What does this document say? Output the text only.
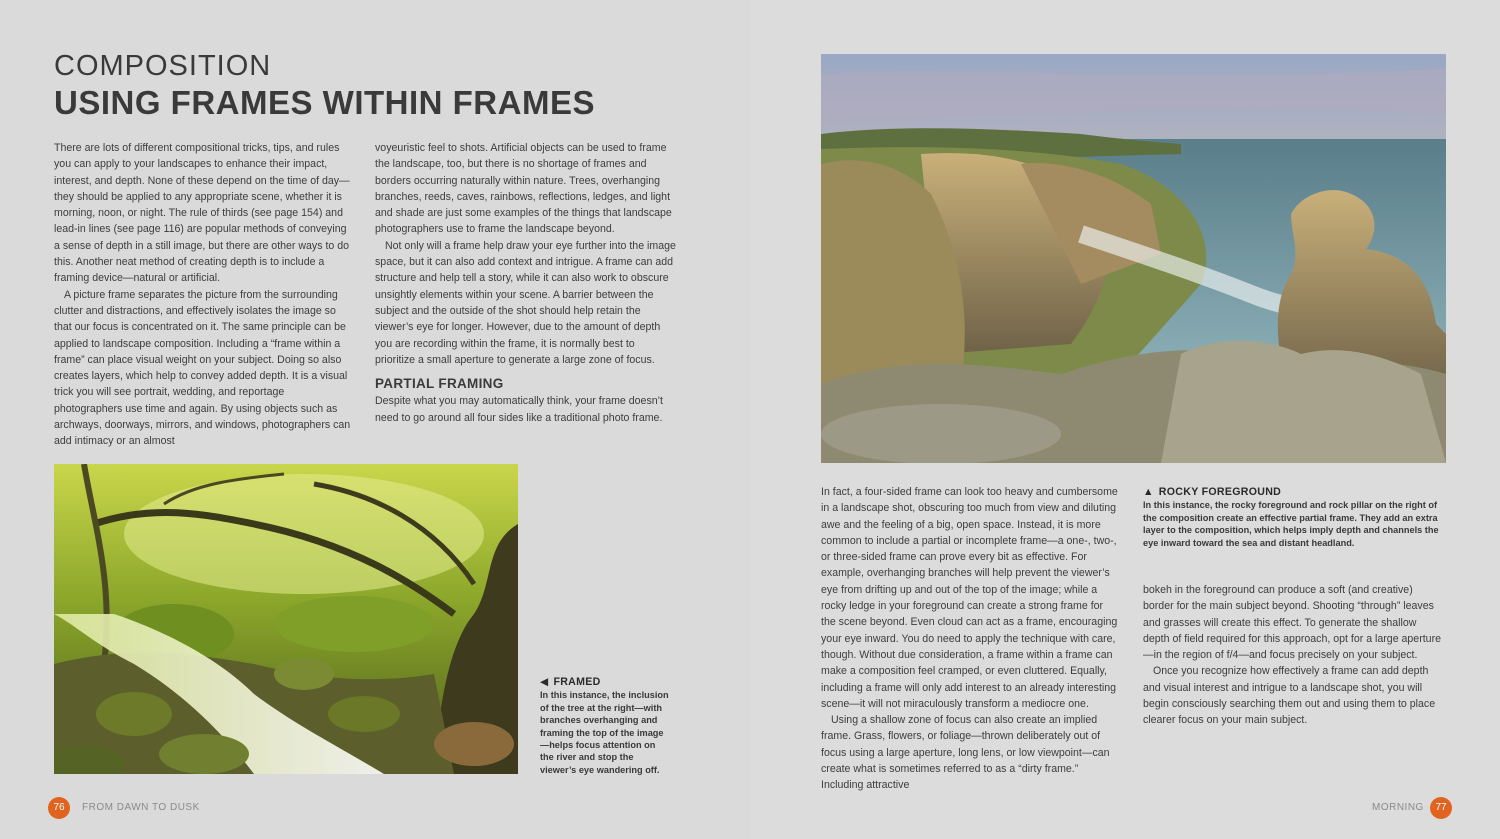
COMPOSITION
USING FRAMES WITHIN FRAMES

There are lots of different compositional tricks, tips, and rules you can apply to your landscapes to enhance their impact, interest, and depth. None of these depend on the time of day—they should be applied to any appropriate scene, whether it is morning, noon, or night. The rule of thirds (see page 154) and lead-in lines (see page 116) are popular methods of conveying a sense of depth in a still image, but there are other ways to do this. Another neat method of creating depth is to include a framing device—natural or artificial.

A picture frame separates the picture from the surrounding clutter and distractions, and effectively isolates the image so that our focus is concentrated on it. The same principle can be applied to landscape composition. Including a “frame within a frame” can place visual weight on your subject. Doing so also creates layers, which help to convey added depth. It is a visual trick you will see portrait, wedding, and reportage photographers use time and again. By using objects such as archways, doorways, mirrors, and windows, photographers can add intimacy or an almost

voyeuristic feel to shots. Artificial objects can be used to frame the landscape, too, but there is no shortage of frames and borders occurring naturally within nature. Trees, overhanging branches, reeds, caves, rainbows, reflections, ledges, and light and shade are just some examples of the things that landscape photographers use to frame the landscape beyond.

Not only will a frame help draw your eye further into the image space, but it can also add context and intrigue. A frame can add structure and help tell a story, while it can also work to obscure unsightly elements within your scene. A barrier between the subject and the outside of the shot should help retain the viewer’s eye for longer. However, due to the amount of depth you are recording within the frame, it is normally best to prioritize a small aperture to generate a large zone of focus.

PARTIAL FRAMING

Despite what you may automatically think, your frame doesn’t need to go around all four sides like a traditional photo frame.

◀ FRAMED
In this instance, the inclusion of the tree at the right—with branches overhanging and framing the top of the image—helps focus attention on the river and stop the viewer’s eye wandering off.
76	FROM DAWN TO DUSK

In fact, a four-sided frame can look too heavy and cumbersome in a landscape shot, obscuring too much from view and diluting awe and the feeling of a big, open space. Instead, it is more common to include a partial or incomplete frame—a one-, two-, or three-sided frame can prove every bit as effective. For example, overhanging branches will help prevent the viewer’s eye from drifting up and out of the top of the image; while a rocky ledge in your foreground can create a strong frame for the scene beyond. Even cloud can act as a frame, encouraging your eye inward. You do need to apply the technique with care, though. Without due consideration, a frame within a frame can make a composition feel cramped, or even cluttered. Equally, including a frame will only add interest to an already interesting scene—it will not miraculously transform a mediocre one.

Using a shallow zone of focus can also create an implied frame. Grass, flowers, or foliage—thrown deliberately out of focus using a large aperture, long lens, or low viewpoint—can create what is sometimes referred to as a “dirty frame.” Including attractive

▲ ROCKY FOREGROUND
In this instance, the rocky foreground and rock pillar on the right of the composition create an effective partial frame. They add an extra layer to the composition, which helps imply depth and channels the eye inward toward the sea and distant headland.

bokeh in the foreground can produce a soft (and creative) border for the main subject beyond. Shooting “through” leaves and grasses will create this effect. To generate the shallow depth of field required for this approach, opt for a large aperture—in the region of f/4—and focus precisely on your subject.

Once you recognize how effectively a frame can add depth and visual interest and intrigue to a landscape shot, you will begin consciously searching them out and using them to place clearer focus on your main subject.

MORNING	77
